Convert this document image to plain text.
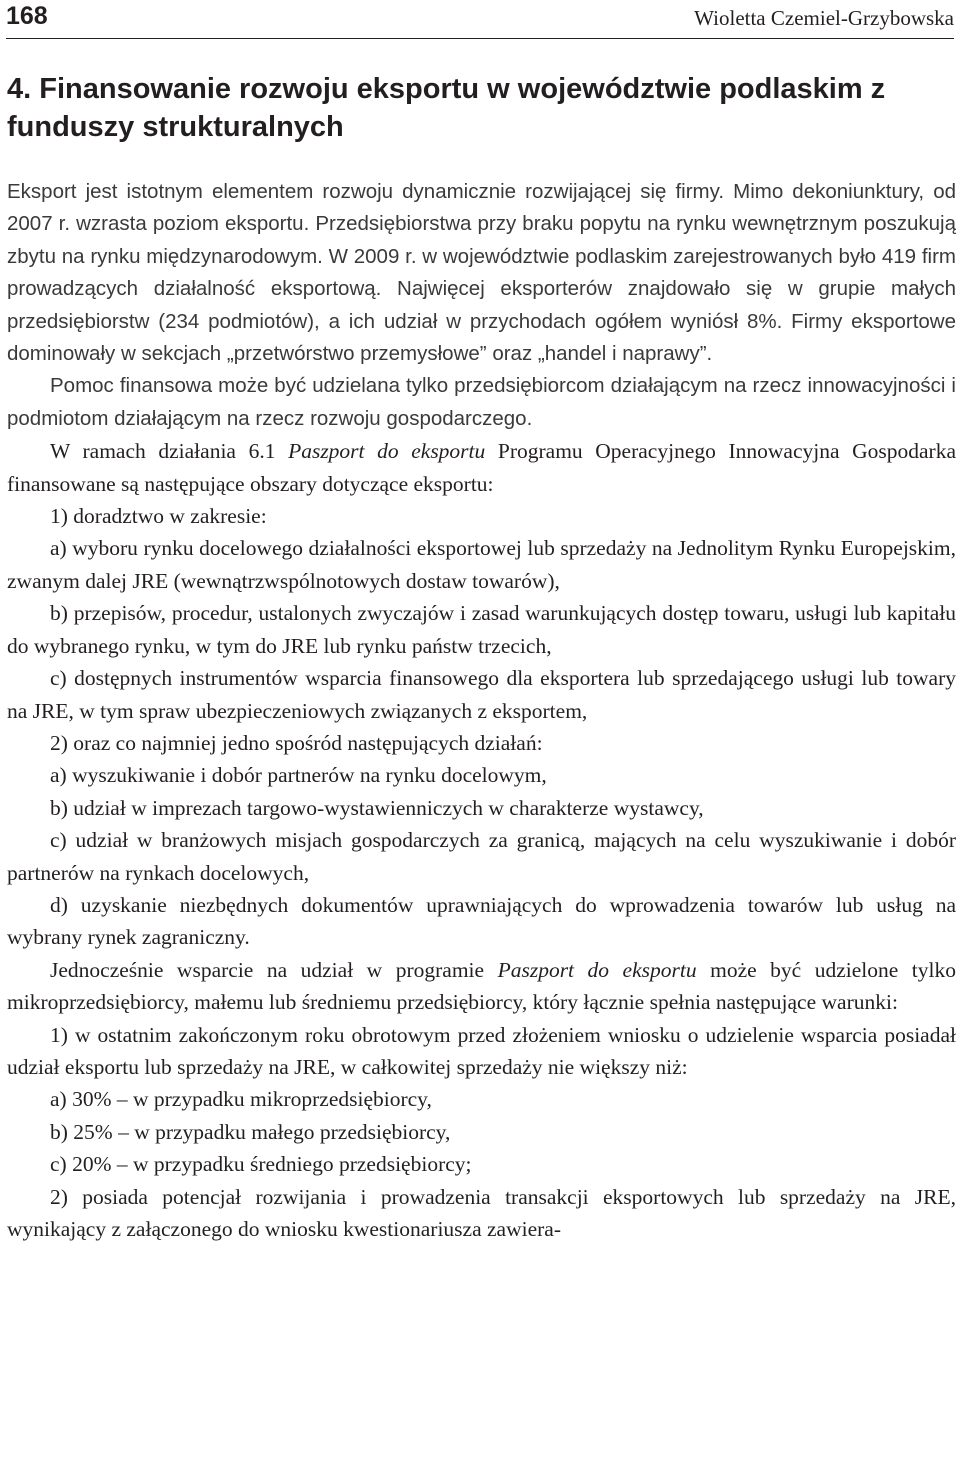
168	Wioletta Czemiel-Grzybowska
4. Finansowanie rozwoju eksportu w województwie podlaskim z funduszy strukturalnych

Eksport jest istotnym elementem rozwoju dynamicznie rozwijającej się firmy. Mimo dekoniunktury, od 2007 r. wzrasta poziom eksportu. Przedsiębiorstwa przy braku popytu na rynku wewnętrznym poszukują zbytu na rynku międzynarodowym. W 2009 r. w województwie podlaskim zarejestrowanych było 419 firm prowadzących działalność eksportową. Najwięcej eksporterów znajdowało się w grupie małych przedsiębiorstw (234 podmiotów), a ich udział w przychodach ogółem wyniósł 8%. Firmy eksportowe dominowały w sekcjach „przetwórstwo przemysłowe” oraz „handel i naprawy”.

Pomoc finansowa może być udzielana tylko przedsiębiorcom działającym na rzecz innowacyjności i podmiotom działającym na rzecz rozwoju gospodarczego.

W ramach działania 6.1 Paszport do eksportu Programu Operacyjnego Innowacyjna Gospodarka finansowane są następujące obszary dotyczące eksportu:

1) doradztwo w zakresie:

a) wyboru rynku docelowego działalności eksportowej lub sprzedaży na Jednolitym Rynku Europejskim, zwanym dalej JRE (wewnątrzwspólnotowych dostaw towarów),

b) przepisów, procedur, ustalonych zwyczajów i zasad warunkujących dostęp towaru, usługi lub kapitału do wybranego rynku, w tym do JRE lub rynku państw trzecich,

c) dostępnych instrumentów wsparcia finansowego dla eksportera lub sprzedającego usługi lub towary na JRE, w tym spraw ubezpieczeniowych związanych z eksportem,

2) oraz co najmniej jedno spośród następujących działań:

a) wyszukiwanie i dobór partnerów na rynku docelowym,

b) udział w imprezach targowo-wystawienniczych w charakterze wystawcy,

c) udział w branżowych misjach gospodarczych za granicą, mających na celu wyszukiwanie i dobór partnerów na rynkach docelowych,

d) uzyskanie niezbędnych dokumentów uprawniających do wprowadzenia towarów lub usług na wybrany rynek zagraniczny.

Jednocześnie wsparcie na udział w programie Paszport do eksportu może być udzielone tylko mikroprzedsiębiorcy, małemu lub średniemu przedsiębiorcy, który łącznie spełnia następujące warunki:

1) w ostatnim zakończonym roku obrotowym przed złożeniem wniosku o udzielenie wsparcia posiadał udział eksportu lub sprzedaży na JRE, w całkowitej sprzedaży nie większy niż:

a) 30% – w przypadku mikroprzedsiębiorcy,

b) 25% – w przypadku małego przedsiębiorcy,

c) 20% – w przypadku średniego przedsiębiorcy;

2) posiada potencjał rozwijania i prowadzenia transakcji eksportowych lub sprzedaży na JRE, wynikający z załączonego do wniosku kwestionariusza zawiera-
